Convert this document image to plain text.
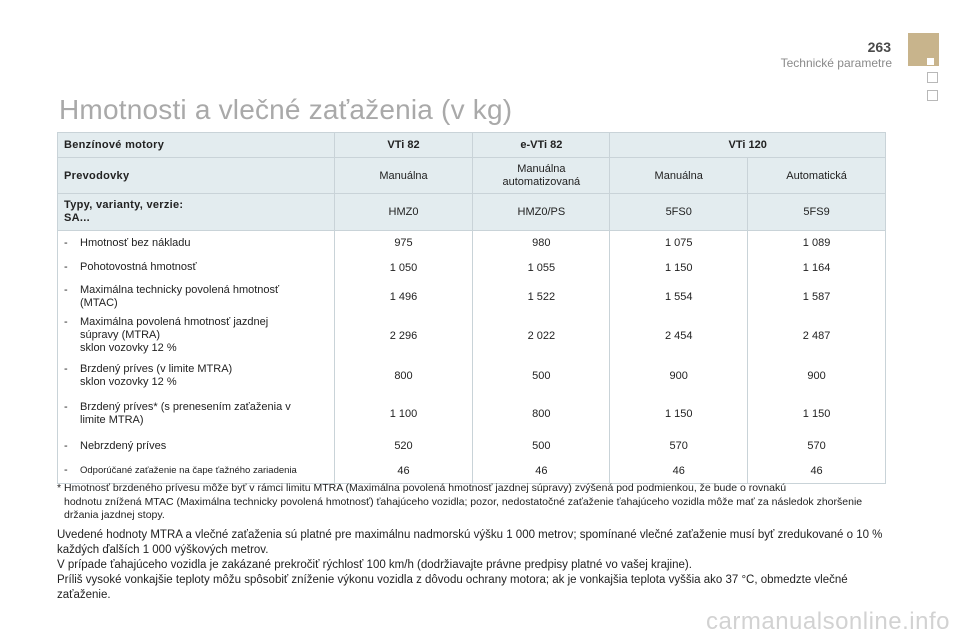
263
Technické parametre
Hmotnosti a vlečné zaťaženia (v kg)
Benzínové motory	VTi 82	e-VTi 82	VTi 120	
Prevodovky	Manuálna	Manuálna automatizovaná	Manuálna	Automatická

Typy, varianty, verzie:
SA...	HMZ0	HMZ0/PS	5FS0	5FS9

- Hmotnosť bez nákladu	975	980	1 075	1 089

- Pohotovostná hmotnosť	1 050	1 055	1 150	1 164

- Maximálna technicky povolená hmotnosť (MTAC)	1 496	1 522	1 554	1 587

- Maximálna povolená hmotnosť jazdnej súpravy (MTRA)
sklon vozovky 12 %	2 296	2 022	2 454	2 487

- Brzdený príves (v limite MTRA)
sklon vozovky 12 %	800	500	900	900

- Brzdený príves* (s prenesením zaťaženia v limite MTRA)	1 100	800	1 150	1 150

- Nebrzdený príves	520	500	570	570

- Odporúčané zaťaženie na čape ťažného zariadenia	46	46	46	46
* Hmotnosť brzdeného prívesu môže byť v rámci limitu MTRA (Maximálna povolená hmotnosť jazdnej súpravy) zvýšená pod podmienkou, že bude o rovnakú
hodnotu znížená MTAC (Maximálna technicky povolená hmotnosť) ťahajúceho vozidla; pozor, nedostatočné zaťaženie ťahajúceho vozidla môže mať za následok zhoršenie držania jazdnej stopy.

Uvedené hodnoty MTRA a vlečné zaťaženia sú platné pre maximálnu nadmorskú výšku 1 000 metrov; spomínané vlečné zaťaženie musí byť zredukované o 10 % každých ďalších 1 000 výškových metrov.

V prípade ťahajúceho vozidla je zakázané prekročiť rýchlosť 100 km/h (dodržiavajte právne predpisy platné vo vašej krajine).

Príliš vysoké vonkajšie teploty môžu spôsobiť zníženie výkonu vozidla z dôvodu ochrany motora; ak je vonkajšia teplota vyššia ako 37 °C, obmedzte vlečné zaťaženie.

carmanualsonline.info
